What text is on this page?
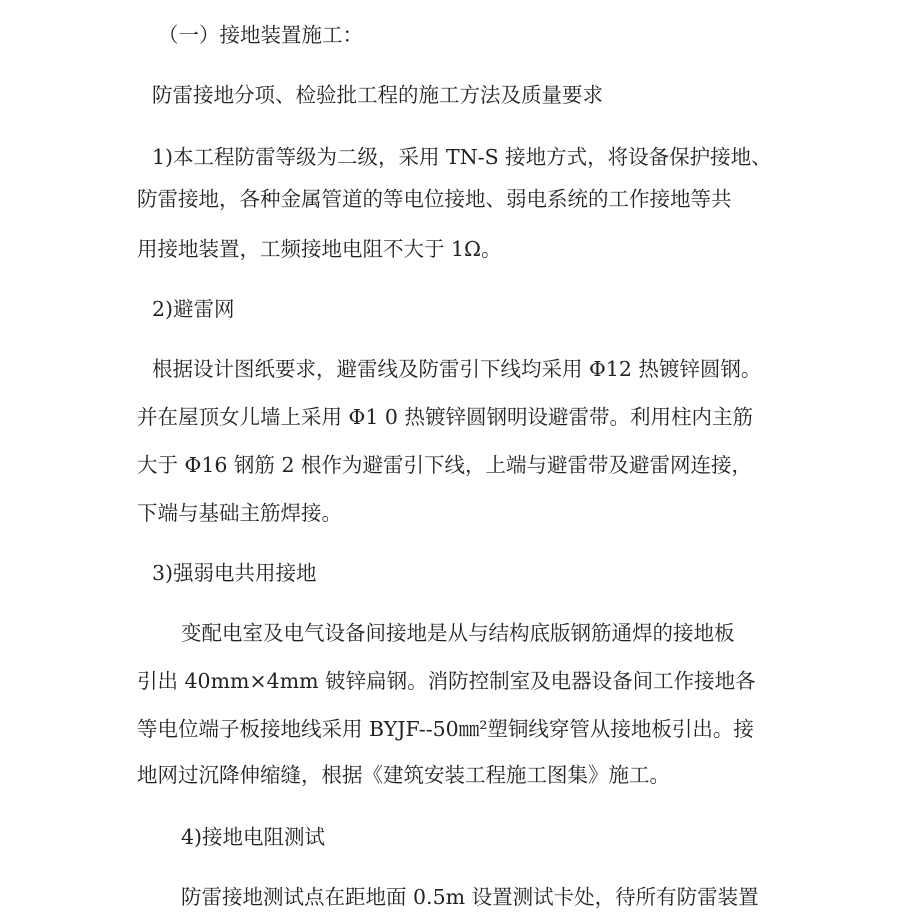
（一）接地装置施工：

防雷接地分项、检验批工程的施工方法及质量要求

1)本工程防雷等级为二级，采用 TN-S 接地方式，将设备保护接地、

防雷接地，各种金属管道的等电位接地、弱电系统的工作接地等共

用接地装置，工频接地电阻不大于 1Ω。

2)避雷网

根据设计图纸要求，避雷线及防雷引下线均采用 Φ12 热镀锌圆钢。

并在屋顶女儿墙上采用 Φ1 0 热镀锌圆钢明设避雷带。利用柱内主筋

大于 Φ16 钢筋 2 根作为避雷引下线，上端与避雷带及避雷网连接，

下端与基础主筋焊接。

3)强弱电共用接地

变配电室及电气设备间接地是从与结构底版钢筋通焊的接地板

引出 40mm×4mm 铍锌扁钢。消防控制室及电器设备间工作接地各

等电位端子板接地线采用 BYJF--50㎜²塑铜线穿管从接地板引出。接

地网过沉降伸缩缝，根据《建筑安装工程施工图集》施工。

4)接地电阻测试

防雷接地测试点在距地面 0.5m 设置测试卡处，待所有防雷装置
